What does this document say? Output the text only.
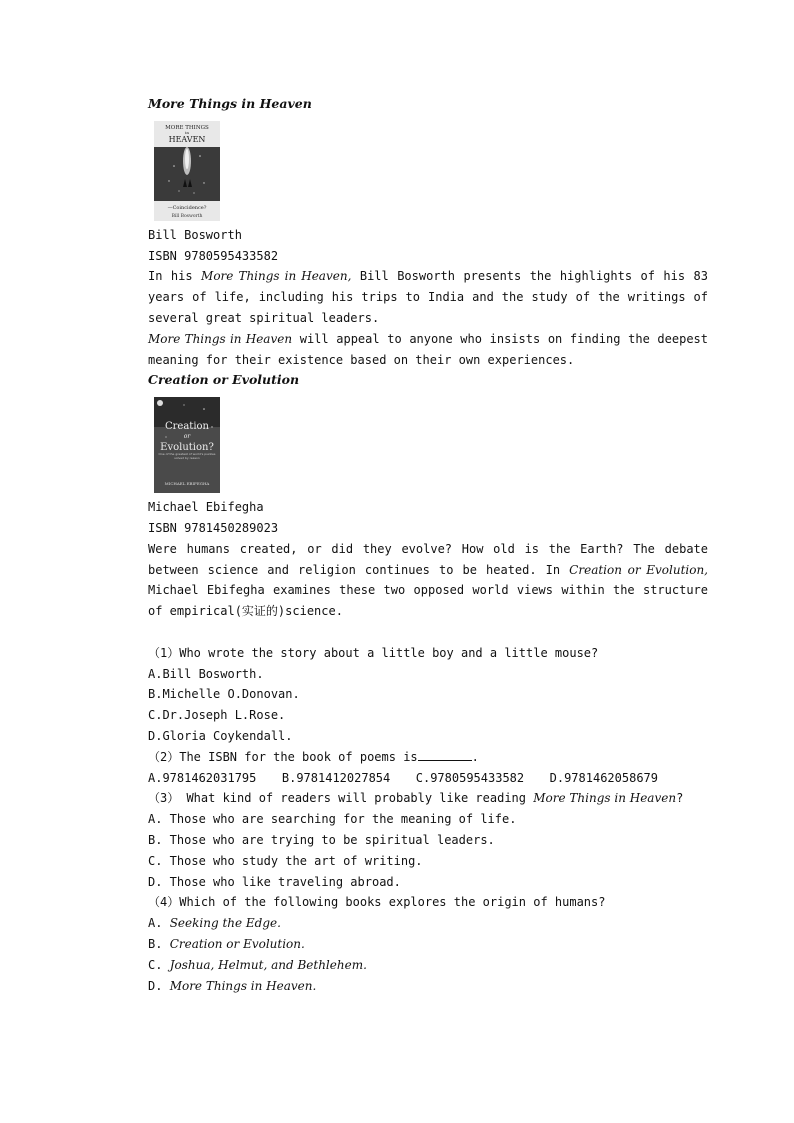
More Things in Heaven
MORE THINGS
in
HEAVEN
—Coincidence?
Bill Bosworth
Bill Bosworth
ISBN 9780595433582
In his More Things in Heaven, Bill Bosworth presents the highlights of his 83 years of life, including his trips to India and the study of the writings of several great spiritual leaders.
More Things in Heaven will appeal to anyone who insists on finding the deepest meaning for their existence based on their own experiences.
Creation or Evolution
Creation
or
Evolution?
One of the greatest of world's puzzles solved by reason
MICHAEL EBIFEGHA
Michael Ebifegha
ISBN 9781450289023
Were humans created, or did they evolve? How old is the Earth? The debate between science and religion continues to be heated. In Creation or Evolution, Michael Ebifegha examines these two opposed world views within the structure of empirical(实证的)science.
（1）Who wrote the story about a little boy and a little mouse?
A.Bill Bosworth.
B.Michelle O.Donovan.
C.Dr.Joseph L.Rose.
D.Gloria Coykendall.
（2）The ISBN for the book of poems is	.
A.9781462031795 B.9781412027854 C.9780595433582 D.9781462058679
（3） What kind of readers will probably like reading More Things in Heaven?
A. Those who are searching for the meaning of life.
B. Those who are trying to be spiritual leaders.
C. Those who study the art of writing.
D. Those who like traveling abroad.
（4）Which of the following books explores the origin of humans?
A. Seeking the Edge.
B. Creation or Evolution.
C. Joshua, Helmut, and Bethlehem.
D. More Things in Heaven.
